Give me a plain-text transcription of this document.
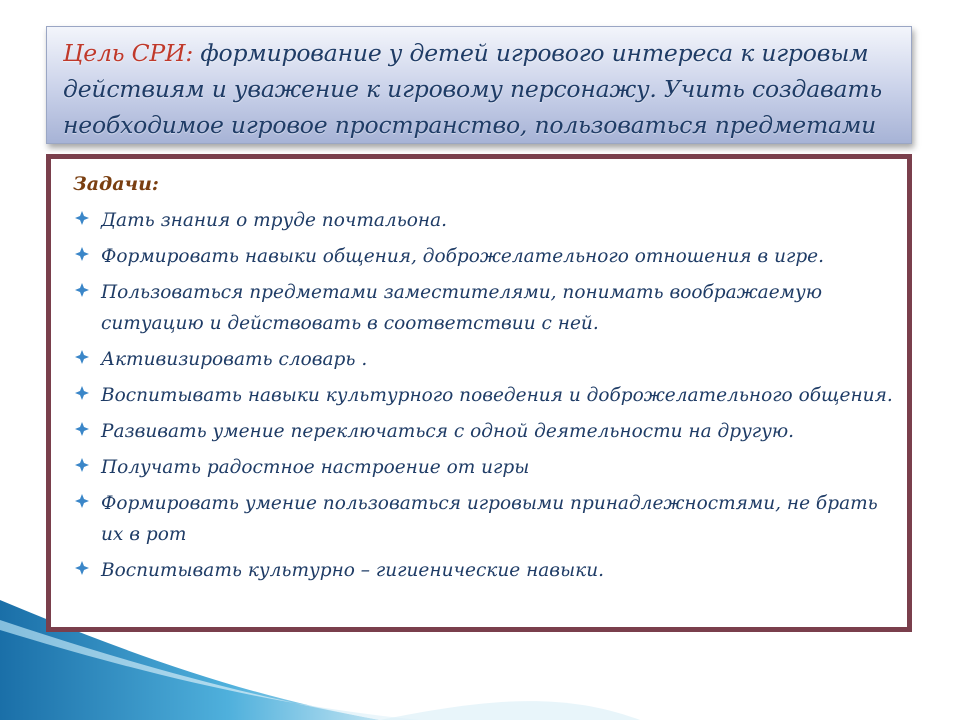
Цель СРИ: формирование у детей игрового интереса к игровым действиям и уважение к игровому персонажу. Учить создавать необходимое игровое пространство, пользоваться предметами

Задачи:

Дать знания о труде почтальона.
Формировать навыки общения, доброжелательного отношения в игре.
Пользоваться предметами заместителями, понимать воображаемую ситуацию и действовать в соответствии с ней.
Активизировать словарь .
Воспитывать навыки культурного поведения и доброжелательного общения.
Развивать умение переключаться с одной деятельности на другую.
Получать радостное настроение от игры
Формировать умение пользоваться игровыми принадлежностями, не брать их в рот
Воспитывать культурно – гигиенические навыки.
